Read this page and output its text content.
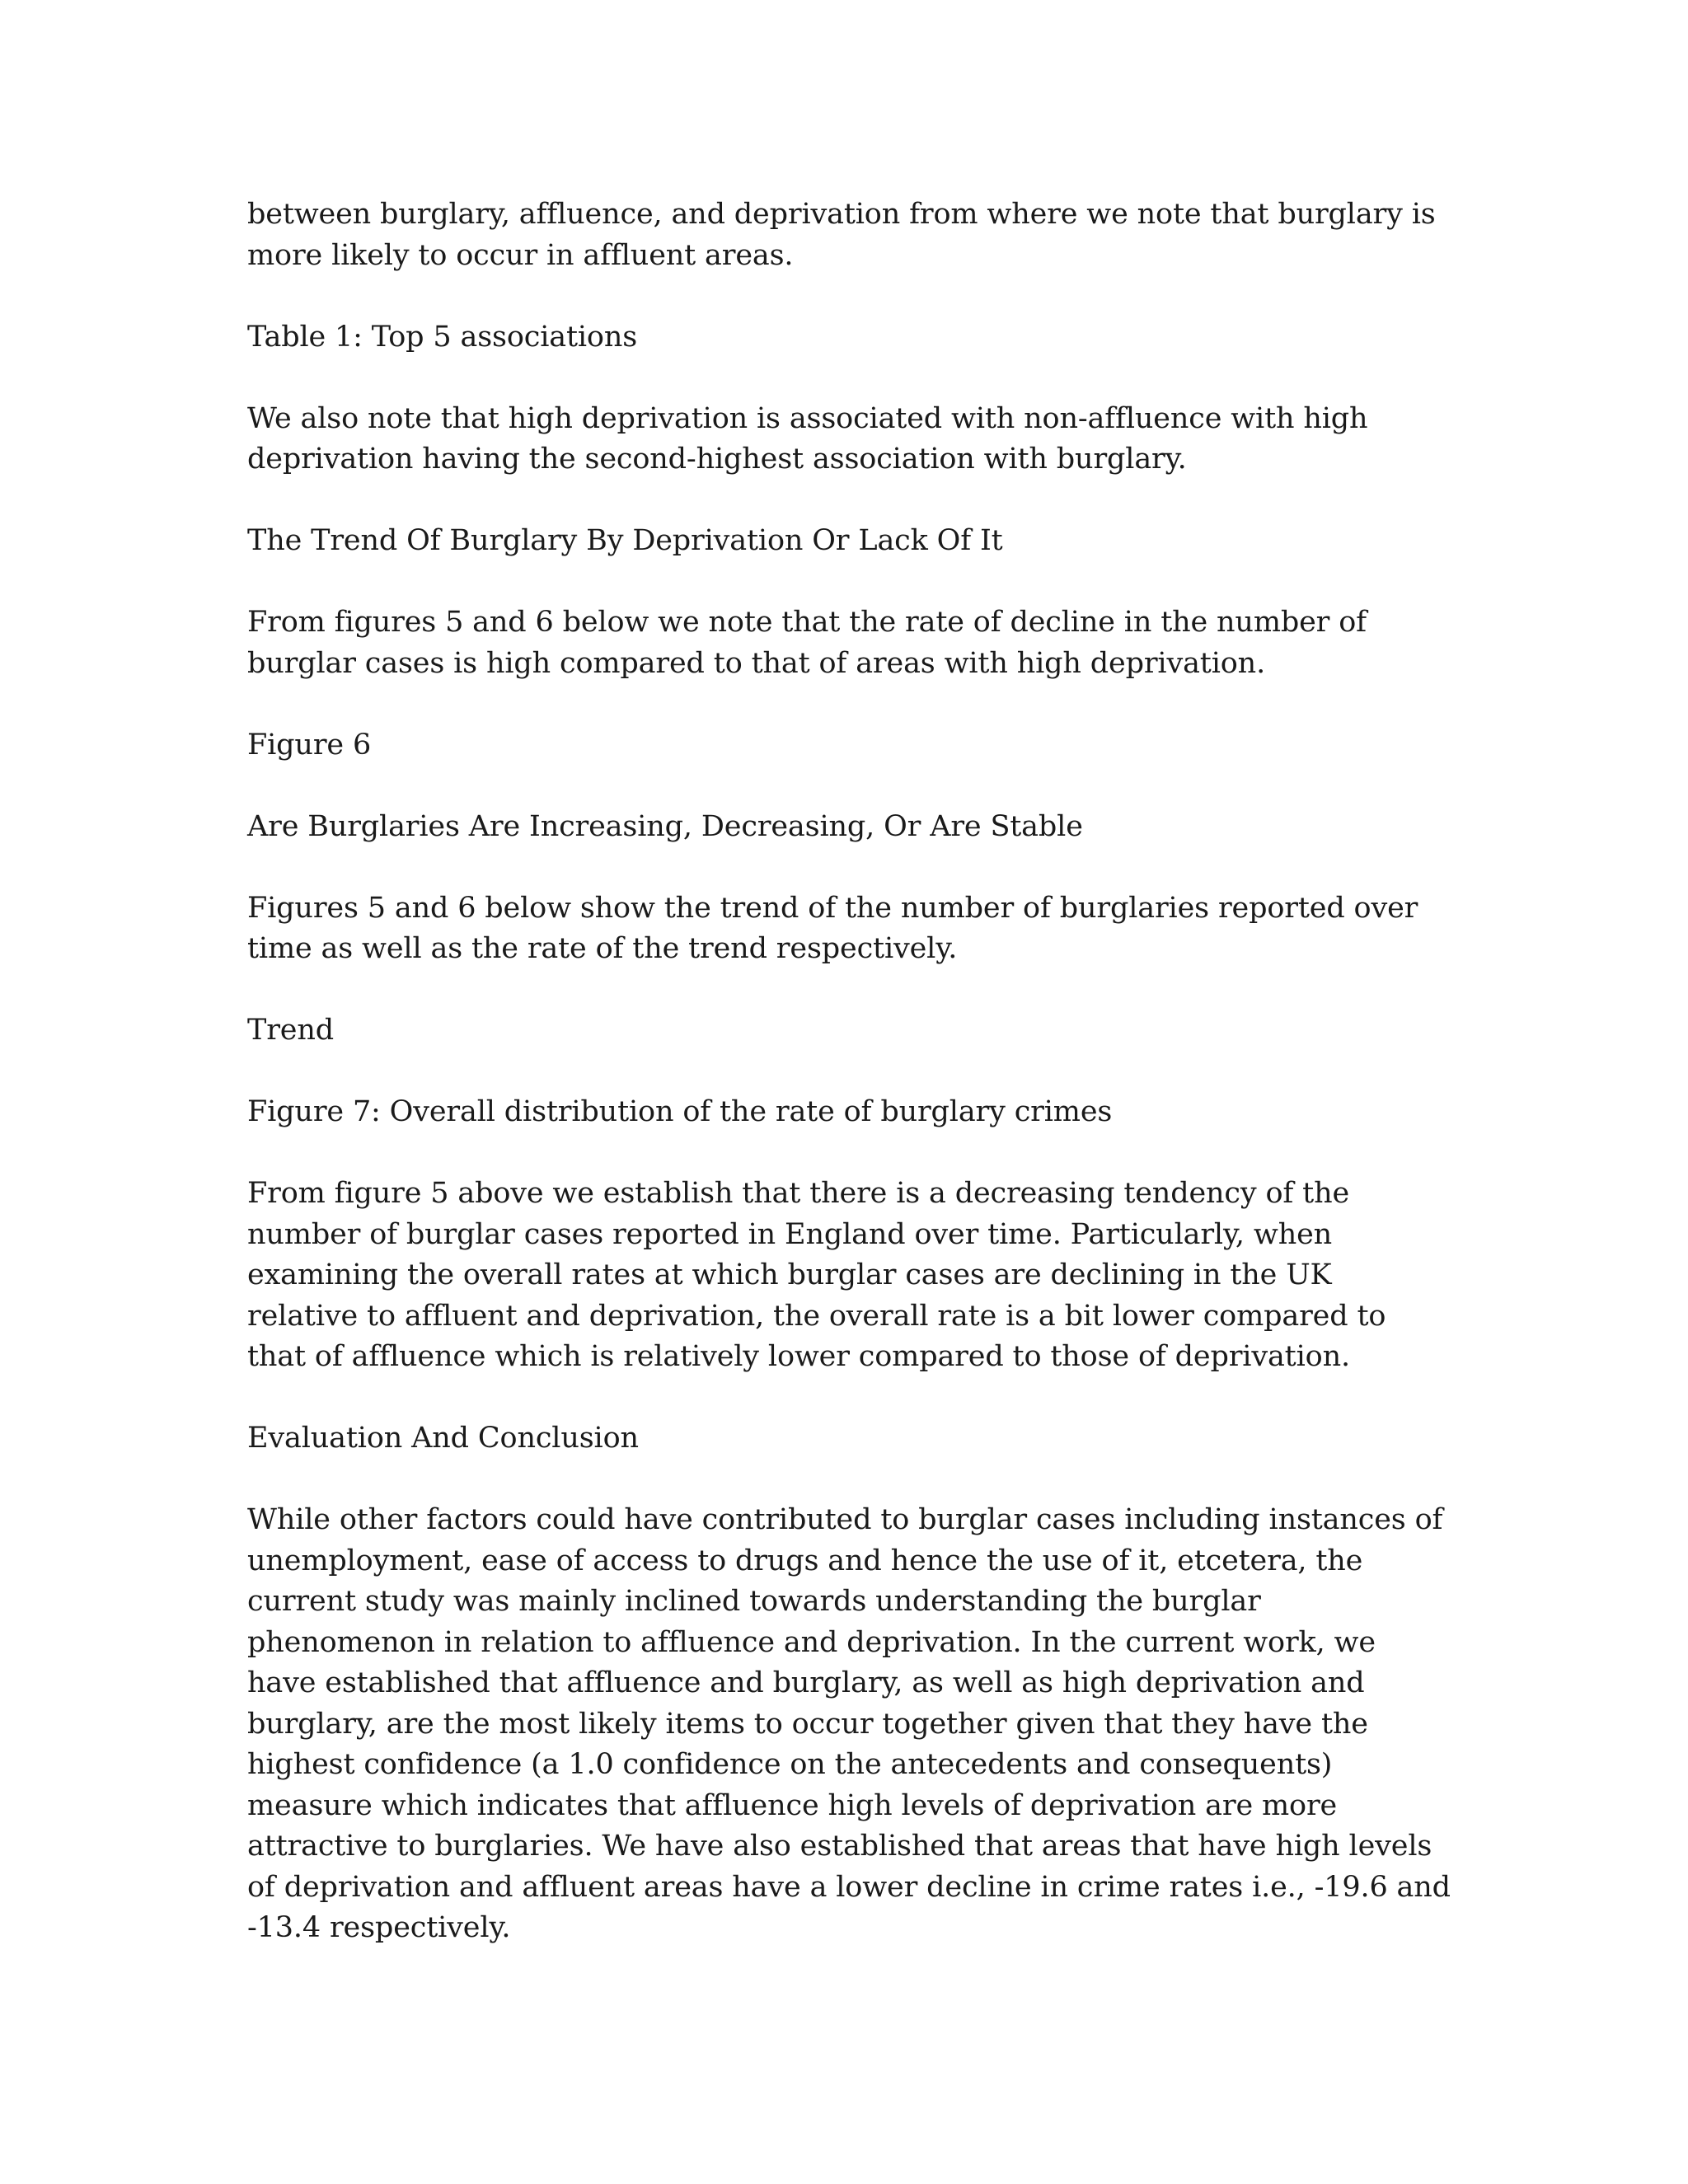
between burglary, affluence, and deprivation from where we note that burglary is more likely to occur in affluent areas.

Table 1: Top 5 associations

We also note that high deprivation is associated with non-affluence with high deprivation having the second-highest association with burglary.

The Trend Of Burglary By Deprivation Or Lack Of It

From figures 5 and 6 below we note that the rate of decline in the number of burglar cases is high compared to that of areas with high deprivation.

Figure 6

Are Burglaries Are Increasing, Decreasing, Or Are Stable

Figures 5 and 6 below show the trend of the number of burglaries reported over time as well as the rate of the trend respectively.

Trend

Figure 7: Overall distribution of the rate of burglary crimes

From figure 5 above we establish that there is a decreasing tendency of the number of burglar cases reported in England over time. Particularly, when examining the overall rates at which burglar cases are declining in the UK relative to affluent and deprivation, the overall rate is a bit lower compared to that of affluence which is relatively lower compared to those of deprivation.

Evaluation And Conclusion

While other factors could have contributed to burglar cases including instances of unemployment, ease of access to drugs and hence the use of it, etcetera, the current study was mainly inclined towards understanding the burglar phenomenon in relation to affluence and deprivation. In the current work, we have established that affluence and burglary, as well as high deprivation and burglary, are the most likely items to occur together given that they have the highest confidence (a 1.0 confidence on the antecedents and consequents) measure which indicates that affluence high levels of deprivation are more attractive to burglaries. We have also established that areas that have high levels of deprivation and affluent areas have a lower decline in crime rates i.e., -19.6 and -13.4 respectively.
